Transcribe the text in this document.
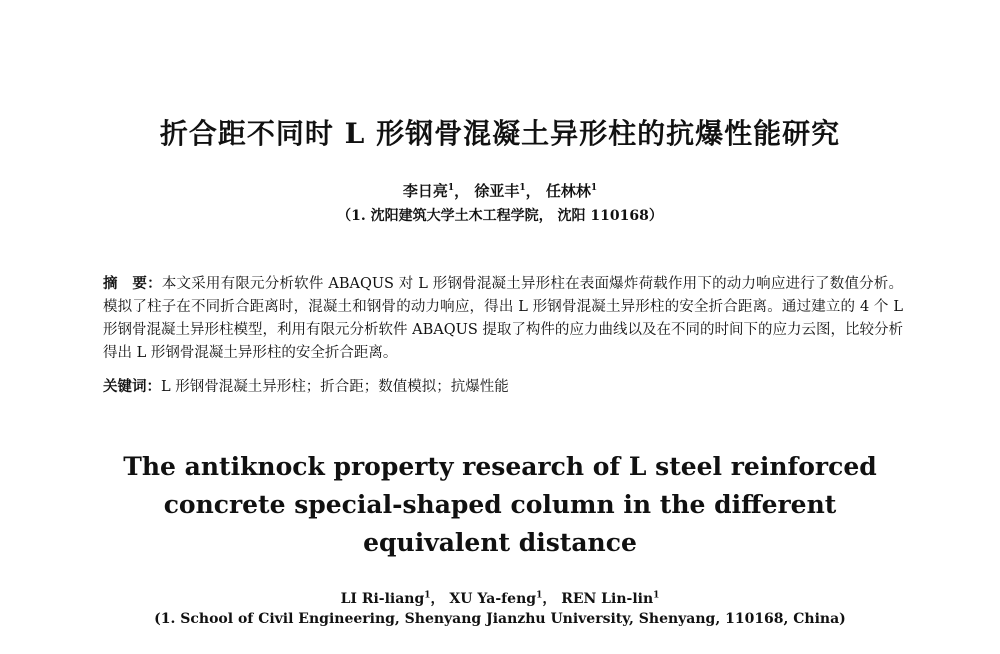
折合距不同时 L 形钢骨混凝土异形柱的抗爆性能研究
李日亮$^1$， 徐亚丰$^1$， 任林林$^1$
（1. 沈阳建筑大学土木工程学院， 沈阳 110168）
摘　要：本文采用有限元分析软件 ABAQUS 对 L 形钢骨混凝土异形柱在表面爆炸荷载作用下的动力响应进行了数值分析。模拟了柱子在不同折合距离时，混凝土和钢骨的动力响应，得出 L 形钢骨混凝土异形柱的安全折合距离。通过建立的 4 个 L 形钢骨混凝土异形柱模型，利用有限元分析软件 ABAQUS 提取了构件的应力曲线以及在不同的时间下的应力云图，比较分析得出 L 形钢骨混凝土异形柱的安全折合距离。
关键词：L 形钢骨混凝土异形柱；折合距；数值模拟；抗爆性能
The antiknock property research of L steel reinforced
concrete special-shaped column in the different
equivalent distance
LI Ri-liang$^1$， XU Ya-feng$^1$， REN Lin-lin$^1$
(1. School of Civil Engineering, Shenyang Jianzhu University, Shenyang, 110168, China)
